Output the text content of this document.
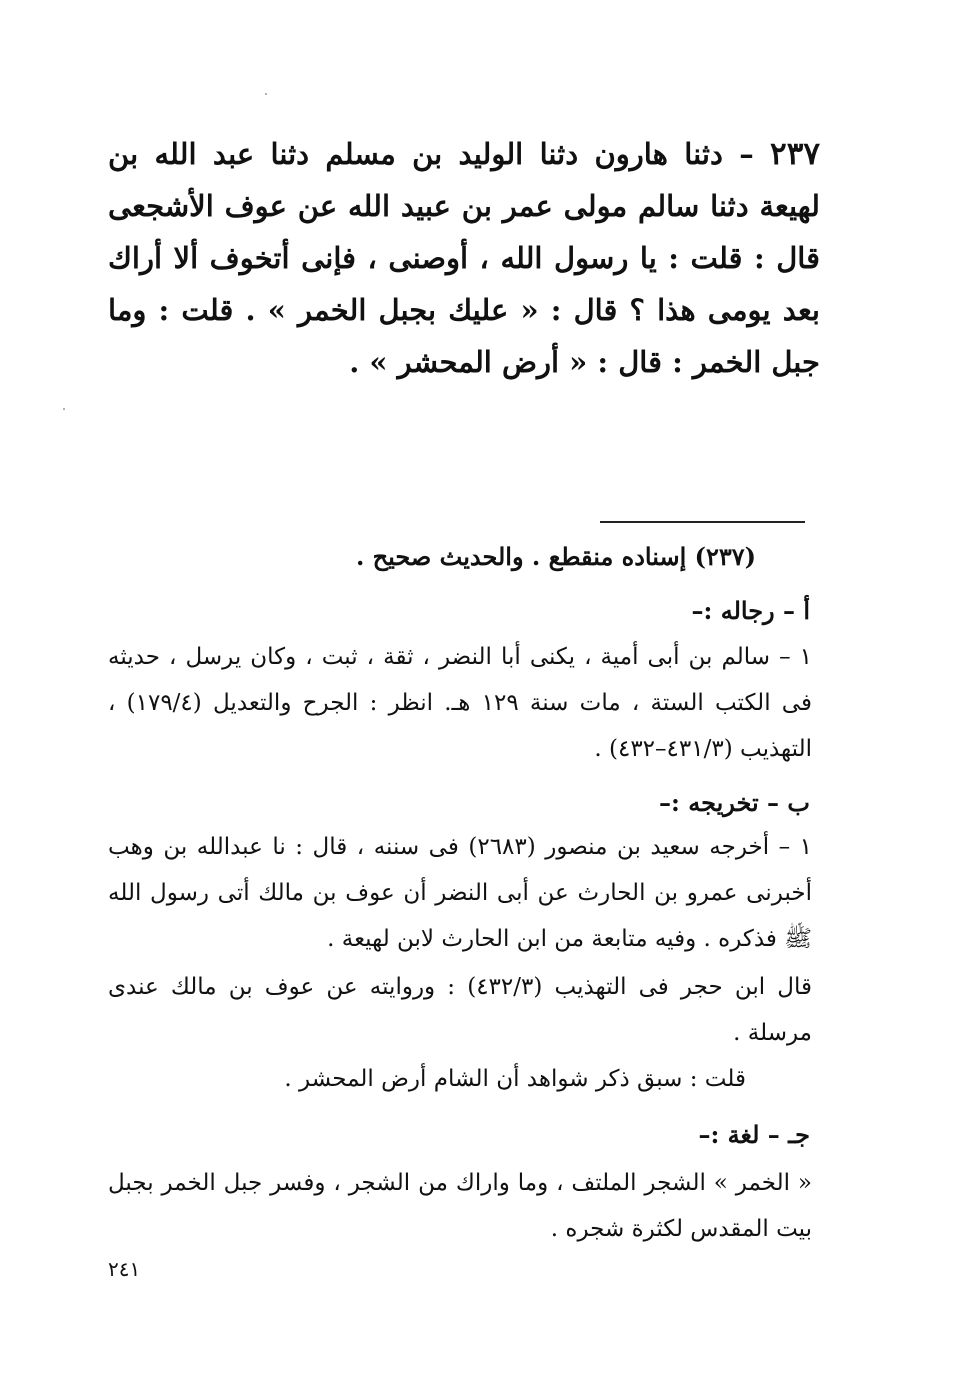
٢٣٧ – دثنا هارون دثنا الوليد بن مسلم دثنا عبد الله بن لهيعة دثنا سالم مولى عمر بن عبيد الله عن عوف الأشجعى قال : قلت : يا رسول الله ، أوصنى ، فإنى أتخوف ألا أراك بعد يومى هذا ؟ قال : « عليك بجبل الخمر » . قلت : وما جبل الخمر : قال : « أرض المحشر » .
(٢٣٧) إسناده منقطع . والحديث صحيح .
أ – رجاله :–
١ – سالم بن أبى أمية ، يكنى أبا النضر ، ثقة ، ثبت ، وكان يرسل ، حديثه فى الكتب الستة ، مات سنة ١٢٩ هـ. انظر : الجرح والتعديل (١٧٩/٤) ، التهذيب (٤٣١/٣–٤٣٢) .
ب – تخريجه :–
١ – أخرجه سعيد بن منصور (٢٦٨٣) فى سننه ، قال : نا عبدالله بن وهب أخبرنى عمرو بن الحارث عن أبى النضر أن عوف بن مالك أتى رسول الله ﷺ فذكره . وفيه متابعة من ابن الحارث لابن لهيعة .
قال ابن حجر فى التهذيب (٤٣٢/٣) : وروايته عن عوف بن مالك عندى مرسلة .
قلت : سبق ذكر شواهد أن الشام أرض المحشر .
جـ – لغة :–
« الخمر » الشجر الملتف ، وما واراك من الشجر ، وفسر جبل الخمر بجبل بيت المقدس لكثرة شجره .
٢٤١
